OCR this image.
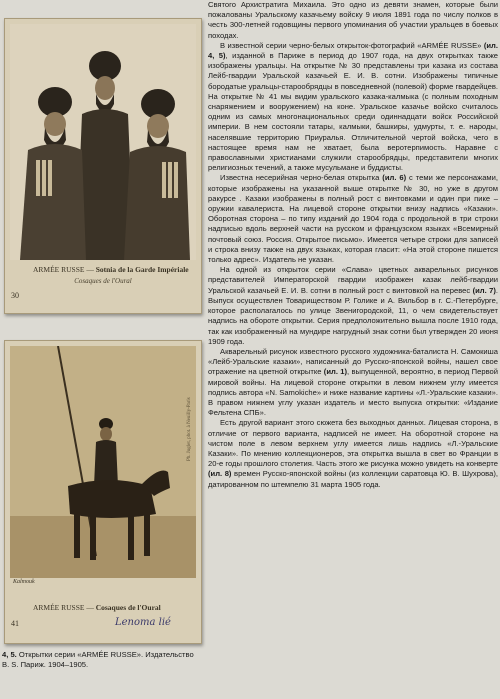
30
ARMÉE RUSSE — Sotnia de la Garde Impériale
Cosaques de l'Oural
Ph. Juglet, phot. à Neuilly-Paris
Kalmouk
41
ARMÉE RUSSE — Cosaques de l'Oural
Lenoma lié
4, 5. Открытки серии «ARMÉE RUSSE». Издательство В. S. Париж. 1904–1905.

Святого Архистратига Михаила. Это одно из девяти знамен, которые были пожалованы Уральскому казачьему войску 9 июля 1891 года по числу полков в честь 300-летней годовщины первого упоминания об участии уральцев в боевых походах.

В известной серии черно-белых открыток-фотографий «ARMÉE RUSSE» (ил. 4, 5), изданной в Париже в период до 1907 года, на двух открытках также изображены уральцы. На открытке № 30 представлены три казака из состава Лейб-гвардии Уральской казачьей Е. И. В. сотни. Изображены типичные бородатые уральцы-старообрядцы в повседневной (полевой) форме гвардейцев. На открытке № 41 мы видим уральского казака-калмыка (с полным походным снаряжением и вооружением) на коне. Уральское казачье войско считалось одним из самых многонациональных среди одиннадцати войск Российской империи. В нем состояли татары, калмыки, башкиры, удмурты, т. е. народы, населявшие территорию Приуралья. Отличительной чертой войска, чего в настоящее время нам не хватает, была веротерпимость. Наравне с православными христианами служили старообрядцы, представители многих религиозных течений, а также мусульмане и буддисты.

Известна несерийная черно-белая открытка (ил. 6) с теми же персонажами, которые изображены на указанной выше открытке № 30, но уже в другом ракурсе . Казаки изображены в полный рост с винтовками и один при пике – оружии кавалериста. На лицевой стороне открытки внизу надпись «Казаки». Оборотная сторона – по типу изданий до 1904 года с продольной в три строки надписью вдоль верхней части на русском и французском языках «Всемирный почтовый союз. Россия. Открытое письмо». Имеется четыре строки для записей и строка внизу также на двух языках, которая гласит: «На этой стороне пишется только адрес». Издатель не указан.

На одной из открыток серии «Слава» цветных акварельных рисунков представителей Императорской гвардии изображен казак лейб-гвардии Уральской казачьей Е. И. В. сотни в полный рост с винтовкой на перевес (ил. 7). Выпуск осуществлен Товариществом Р. Голике и А. Вильбор в г. С.-Петербурге, которое располагалось по улице Звенигородской, 11, о чем свидетельствует надпись на обороте открытки. Серия предположительно вышла после 1910 года, так как изображенный на мундире нагрудный знак сотни был утвержден 20 июня 1909 года.

Акварельный рисунок известного русского художника-баталиста Н. Самокиша «Лейб-Уральские казаки», написанный до Русско-японской войны, нашел свое отражение на цветной открытке (ил. 1), выпущенной, вероятно, в период Первой мировой войны. На лицевой стороне открытки в левом нижнем углу имеется подпись автора «N. Samokiche» и ниже название картины «Л.-Уральские казаки». В правом нижнем углу указан издатель и место выпуска открытки: «Издание Фельтена СПБ».

Есть другой вариант этого сюжета без выходных данных. Лицевая сторона, в отличие от первого варианта, надписей не имеет. На оборотной стороне на чистом поле в левом верхнем углу имеется лишь надпись «Л.-Уральские Казаки». По мнению коллекционеров, эта открытка вышла в свет во Франции в 20-е годы прошлого столетия. Часть этого же рисунка можно увидеть на конверте (ил. 8) времен Русско-японской войны (из коллекции саратовца Ю. В. Шухрова), датированном по штемпелю 31 марта 1905 года.
